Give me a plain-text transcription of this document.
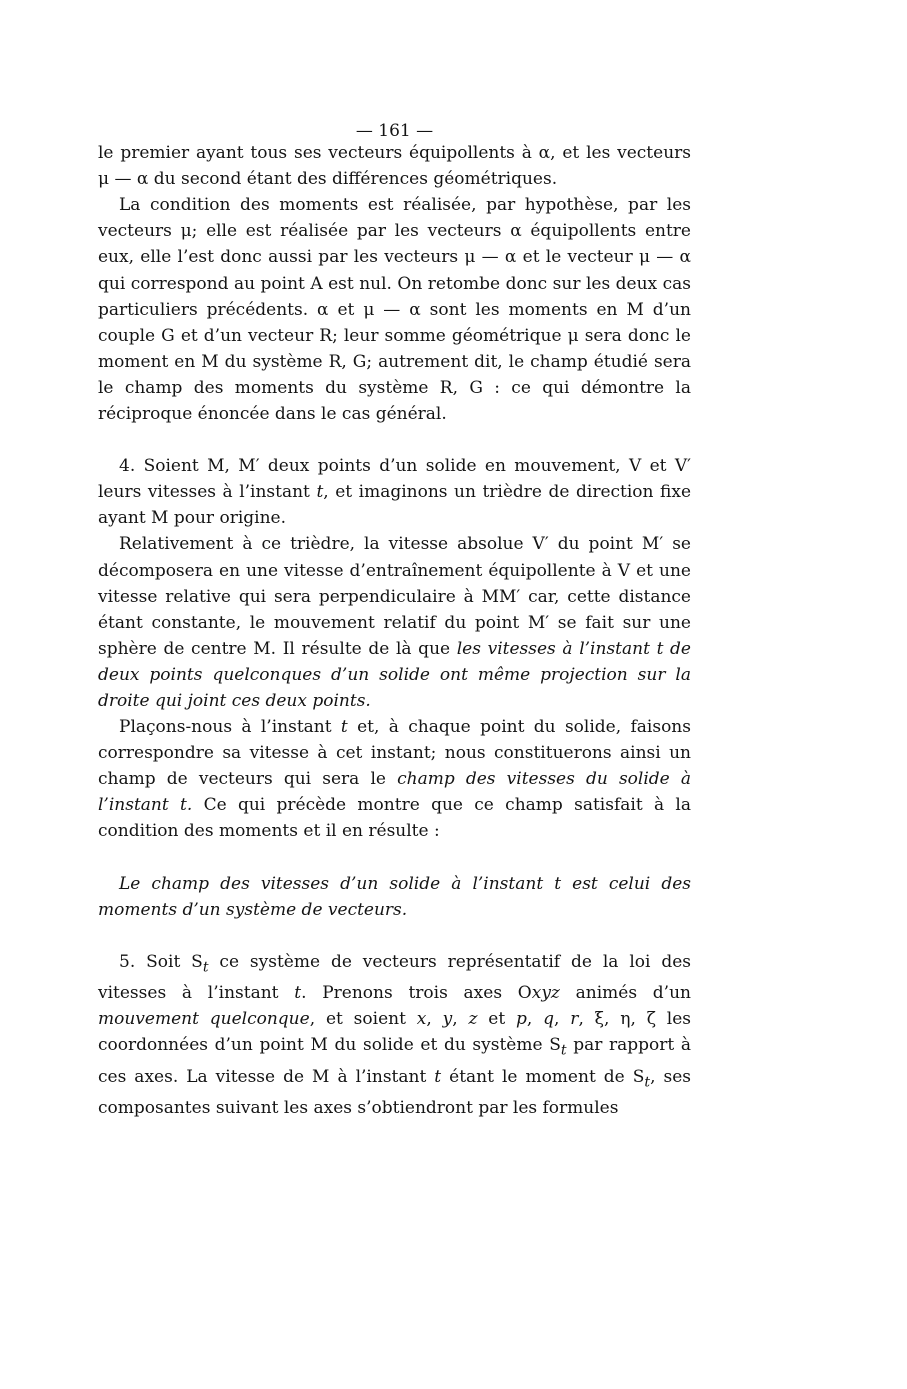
— 161 —

le premier ayant tous ses vecteurs équipollents à α, et les vecteurs μ — α du second étant des différences géométriques.

La condition des moments est réalisée, par hypothèse, par les vecteurs μ; elle est réalisée par les vecteurs α équipollents entre eux, elle l’est donc aussi par les vecteurs μ — α et le vecteur μ — α qui correspond au point A est nul. On retombe donc sur les deux cas particuliers précédents. α et μ — α sont les moments en M d’un couple G et d’un vecteur R; leur somme géométrique μ sera donc le moment en M du système R, G; autrement dit, le champ étudié sera le champ des moments du système R, G : ce qui démontre la réciproque énoncée dans le cas général.

4. Soient M, M′ deux points d’un solide en mouvement, V et V′ leurs vitesses à l’instant t, et imaginons un trièdre de direction fixe ayant M pour origine.

Relativement à ce trièdre, la vitesse absolue V′ du point M′ se décomposera en une vitesse d’entraînement équipollente à V et une vitesse relative qui sera perpendiculaire à MM′ car, cette distance étant constante, le mouvement relatif du point M′ se fait sur une sphère de centre M. Il résulte de là que les vitesses à l’instant t de deux points quelconques d’un solide ont même projection sur la droite qui joint ces deux points.

Plaçons-nous à l’instant t et, à chaque point du solide, faisons correspondre sa vitesse à cet instant; nous constituerons ainsi un champ de vecteurs qui sera le champ des vitesses du solide à l’instant t. Ce qui précède montre que ce champ satisfait à la condition des moments et il en résulte :

Le champ des vitesses d’un solide à l’instant t est celui des moments d’un système de vecteurs.

5. Soit $S_t$ ce système de vecteurs représentatif de la loi des vitesses à l’instant t. Prenons trois axes Oxyz animés d’un mouvement quelconque, et soient x, y, z et p, q, r, ξ, η, ζ les coordonnées d’un point M du solide et du système $S_t$ par rapport à ces axes. La vitesse de M à l’instant t étant le moment de $S_t$, ses composantes suivant les axes s’obtiendront par les formules
